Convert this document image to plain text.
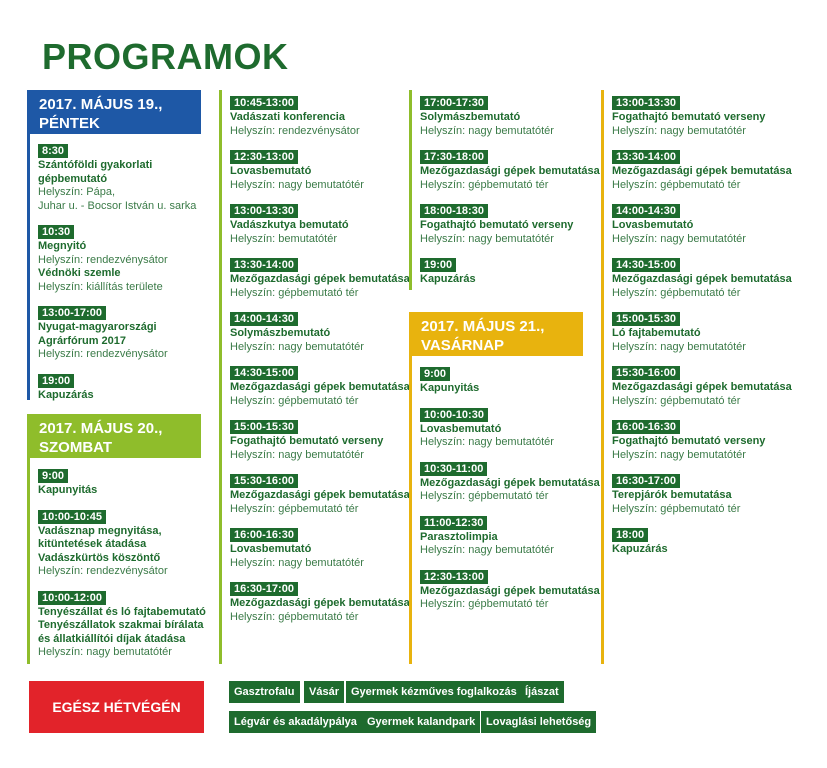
PROGRAMOK
2017. MÁJUS 19.,
PÉNTEK
8:30
Szántóföldi gyakorlati gépbemutató
Helyszín: Pápa,
Juhar u. - Bocsor István u. sarka
10:30
Megnyitó
Helyszín: rendezvénysátor
Védnöki szemle
Helyszín: kiállítás területe
13:00-17:00
Nyugat-magyarországi
Agrárfórum 2017
Helyszín: rendezvénysátor
19:00
Kapuzárás
2017. MÁJUS 20.,
SZOMBAT
9:00
Kapunyitás
10:00-10:45
Vadásznap megnyitása,
kitüntetések átadása
Vadászkürtös köszöntő
Helyszín: rendezvénysátor
10:00-12:00
Tenyészállat és ló fajtabemutató
Tenyészállatok szakmai bírálata
és állatkiállítói díjak átadása
Helyszín: nagy bemutatótér
10:45-13:00
Vadászati konferencia
Helyszín: rendezvénysátor
12:30-13:00
Lovasbemutató
Helyszín: nagy bemutatótér
13:00-13:30
Vadászkutya bemutató
Helyszín: bemutatótér
13:30-14:00
Mezőgazdasági gépek bemutatása
Helyszín: gépbemutató tér
14:00-14:30
Solymászbemutató
Helyszín: nagy bemutatótér
14:30-15:00
Mezőgazdasági gépek bemutatása
Helyszín: gépbemutató tér
15:00-15:30
Fogathajtó bemutató verseny
Helyszín: nagy bemutatótér
15:30-16:00
Mezőgazdasági gépek bemutatása
Helyszín: gépbemutató tér
16:00-16:30
Lovasbemutató
Helyszín: nagy bemutatótér
16:30-17:00
Mezőgazdasági gépek bemutatása
Helyszín: gépbemutató tér
17:00-17:30
Solymászbemutató
Helyszín: nagy bemutatótér
17:30-18:00
Mezőgazdasági gépek bemutatása
Helyszín: gépbemutató tér
18:00-18:30
Fogathajtó bemutató verseny
Helyszín: nagy bemutatótér
19:00
Kapuzárás
2017. MÁJUS 21.,
VASÁRNAP
9:00
Kapunyitás
10:00-10:30
Lovasbemutató
Helyszín: nagy bemutatótér
10:30-11:00
Mezőgazdasági gépek bemutatása
Helyszín: gépbemutató tér
11:00-12:30
Parasztolimpia
Helyszín: nagy bemutatótér
12:30-13:00
Mezőgazdasági gépek bemutatása
Helyszín: gépbemutató tér
13:00-13:30
Fogathajtó bemutató verseny
Helyszín: nagy bemutatótér
13:30-14:00
Mezőgazdasági gépek bemutatása
Helyszín: gépbemutató tér
14:00-14:30
Lovasbemutató
Helyszín: nagy bemutatótér
14:30-15:00
Mezőgazdasági gépek bemutatása
Helyszín: gépbemutató tér
15:00-15:30
Ló fajtabemutató
Helyszín: nagy bemutatótér
15:30-16:00
Mezőgazdasági gépek bemutatása
Helyszín: gépbemutató tér
16:00-16:30
Fogathajtó bemutató verseny
Helyszín: nagy bemutatótér
16:30-17:00
Terepjárók bemutatása
Helyszín: gépbemutató tér
18:00
Kapuzárás
EGÉSZ HÉTVÉGÉN
Gasztrofalu	Vásár	Gyermek kézműves foglalkozás Íjászat
Légvár és akadálypálya Gyermek kalandpark Lovaglási lehetőség
